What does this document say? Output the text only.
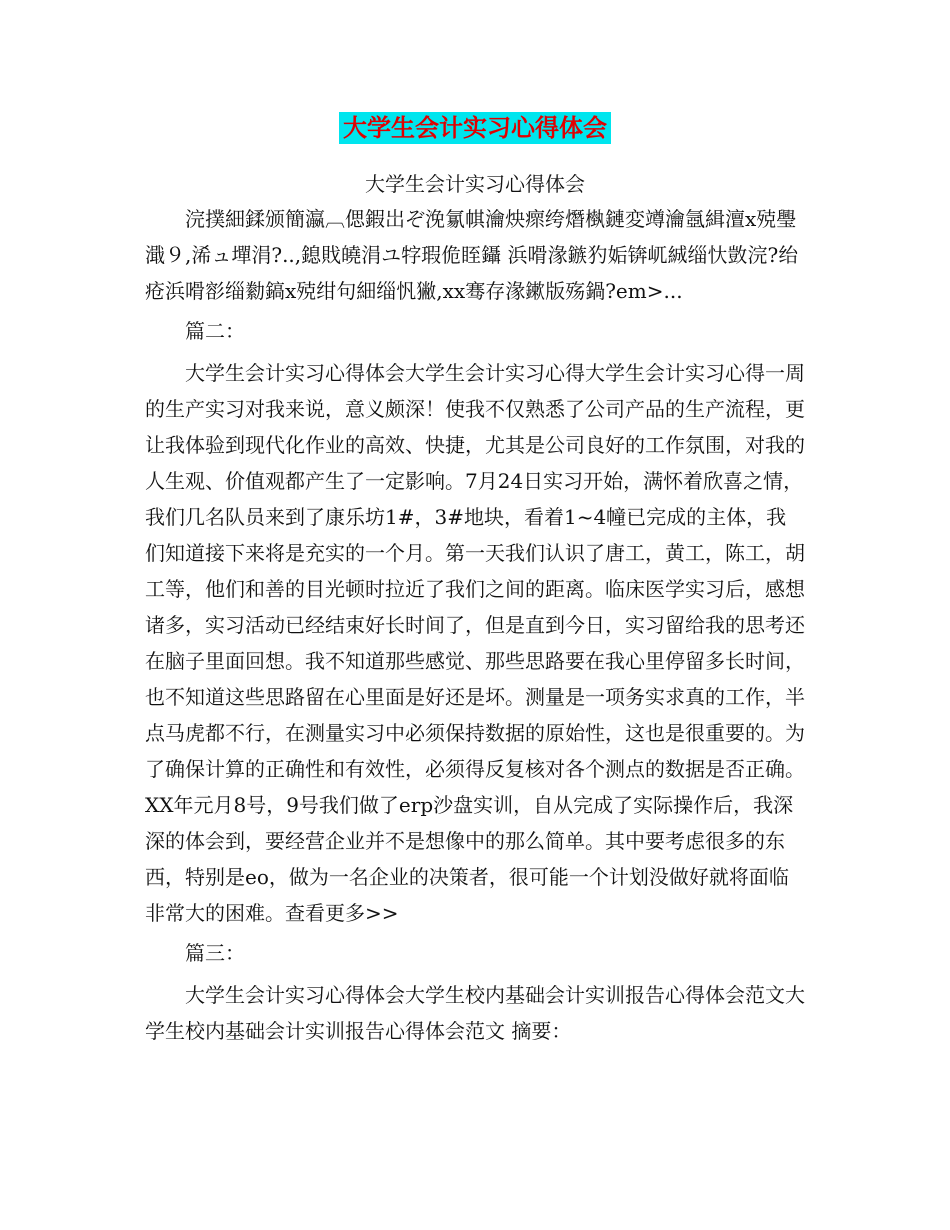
大学生会计实习心得体会
大学生会计实习心得体会

浣撲細鍒颁簡瀛︹偲鍜岀ぞ浼氱帺瀹炴瘝绔熸槸鏈変竴瀹氬緝澶х殑璺濈９,浠ュ墠涓?..,鎴戝皢涓ユ牸瑕佹眰鑷 浜嗗湪鏃犳姤锛屼絾缁忕敳浣?绐 疮浜嗗彮缁勬鎬х殑绀句細缁忛獙,xx骞存湪鏉版殇鍋?em>...

篇二：

大学生会计实习心得体会大学生会计实习心得大学生会计实习心得一周的生产实习对我来说，意义颇深！使我不仅熟悉了公司产品的生产流程，更让我体验到现代化作业的高效、快捷，尤其是公司良好的工作氛围，对我的人生观、价值观都产生了一定影响。7月24日实习开始，满怀着欣喜之情，我们几名队员来到了康乐坊1#，3#地块，看着1~4幢已完成的主体，我们知道接下来将是充实的一个月。第一天我们认识了唐工，黄工，陈工，胡工等，他们和善的目光顿时拉近了我们之间的距离。临床医学实习后，感想诸多，实习活动已经结束好长时间了，但是直到今日，实习留给我的思考还在脑子里面回想。我不知道那些感觉、那些思路要在我心里停留多长时间，也不知道这些思路留在心里面是好还是坏。测量是一项务实求真的工作，半点马虎都不行，在测量实习中必须保持数据的原始性，这也是很重要的。为了确保计算的正确性和有效性，必须得反复核对各个测点的数据是否正确。XX年元月8号，9号我们做了erp沙盘实训，自从完成了实际操作后，我深深的体会到，要经营企业并不是想像中的那么简单。其中要考虑很多的东西，特别是eo，做为一名企业的决策者，很可能一个计划没做好就将面临非常大的困难。查看更多>>

篇三：

大学生会计实习心得体会大学生校内基础会计实训报告心得体会范文大学生校内基础会计实训报告心得体会范文 摘要：
